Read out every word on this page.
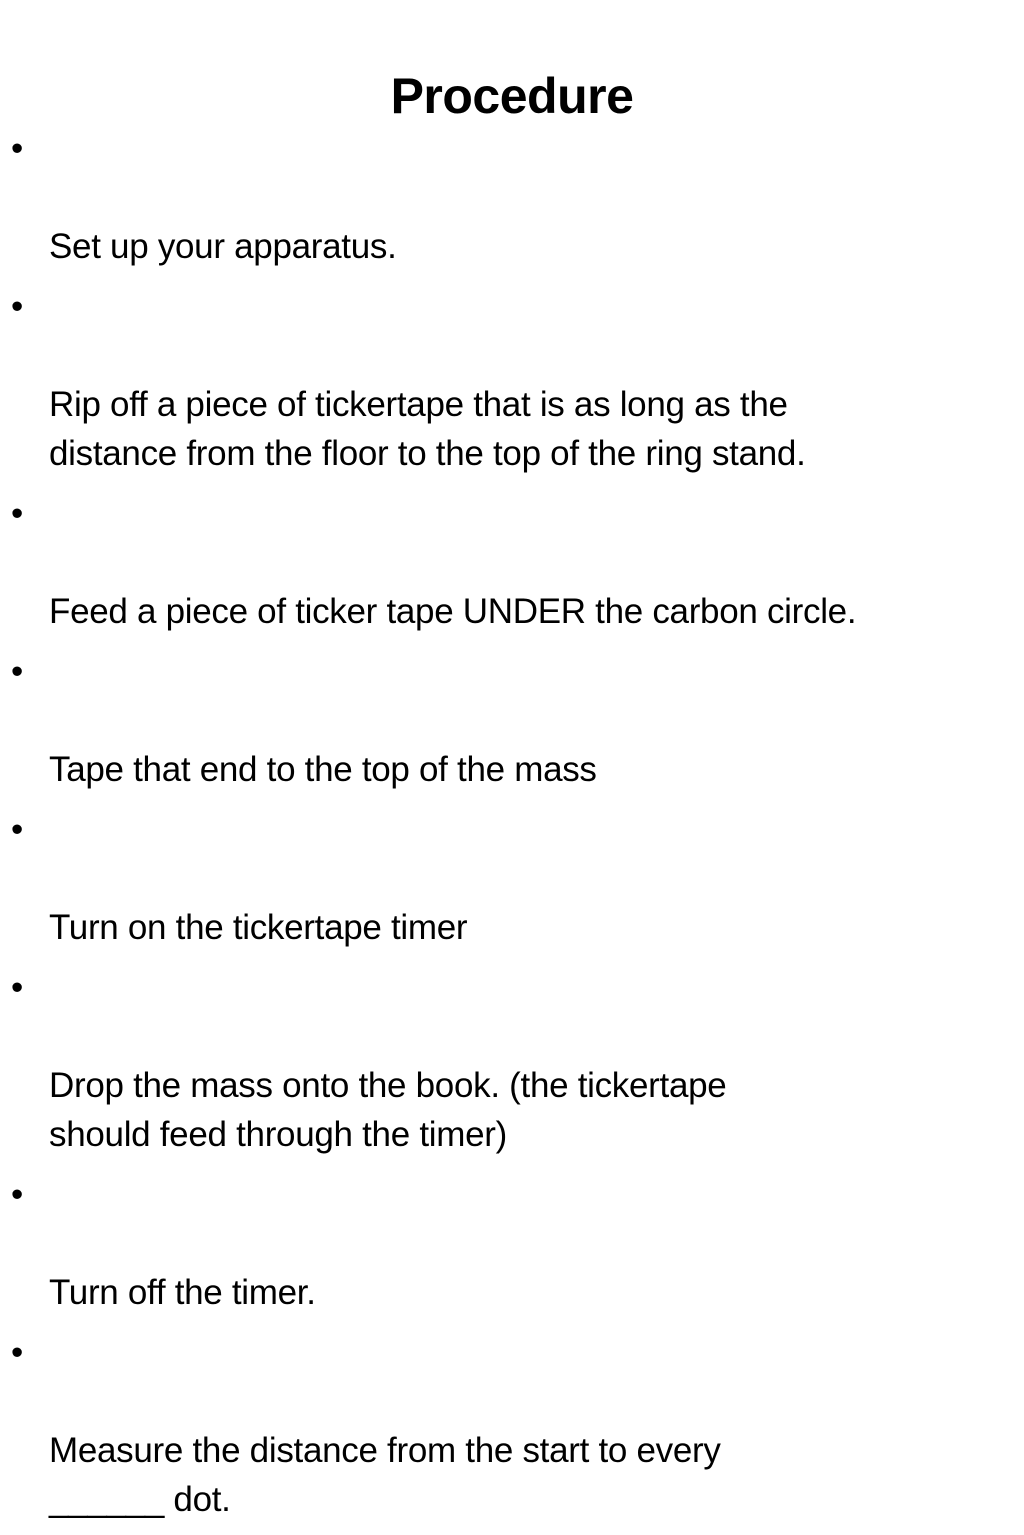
Procedure

•

Set up your apparatus.

•

Rip off a piece of tickertape that is as long as the
distance from the floor to the top of the ring stand.

•

Feed a piece of ticker tape UNDER the carbon circle.

•

Tape that end to the top of the mass

•

Turn on the tickertape timer

•

Drop the mass onto the book. (the tickertape
should feed through the timer)

•

Turn off the timer.

•

Measure the distance from the start to every
______ dot.
